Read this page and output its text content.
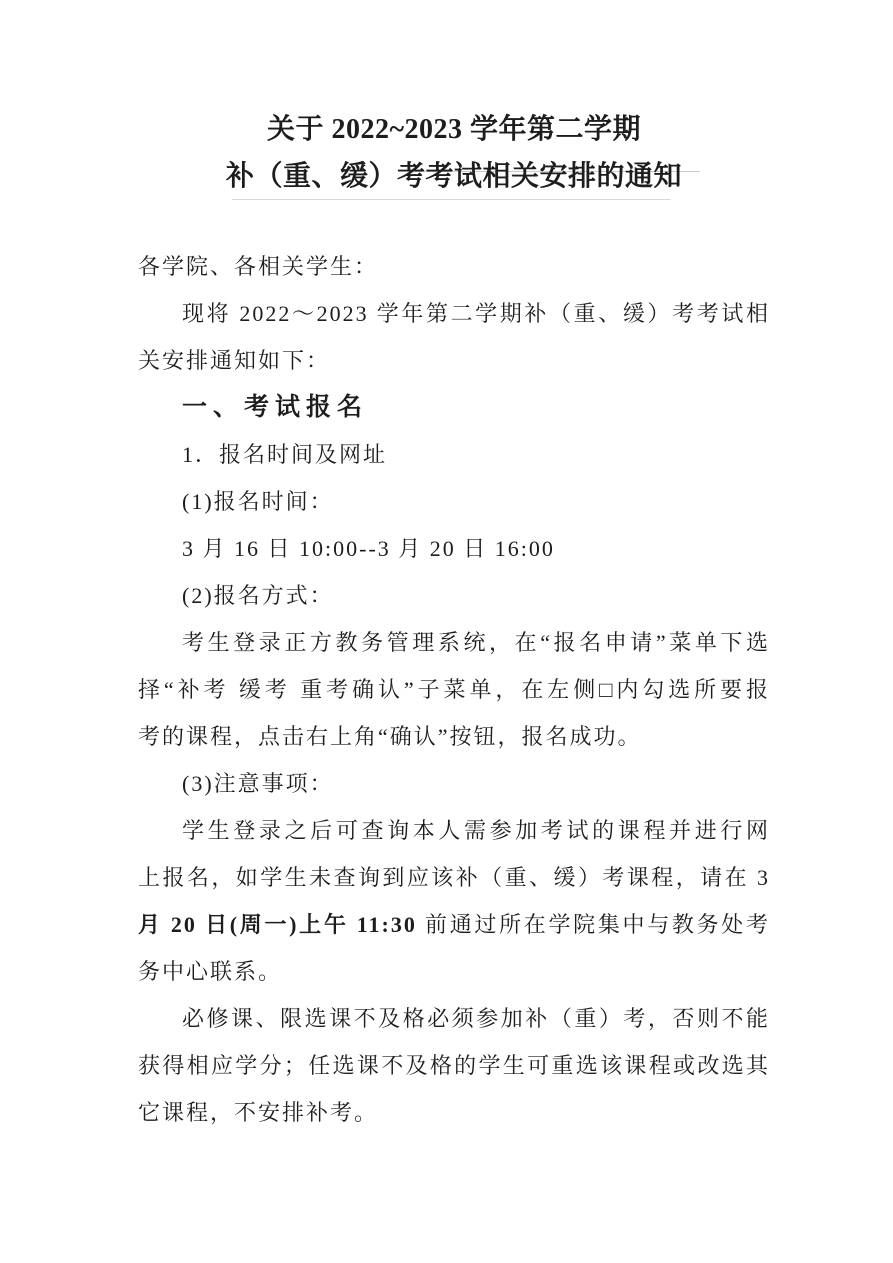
关于 2022~2023 学年第二学期
补（重、缓）考考试相关安排的通知
各学院、各相关学生：
现将 2022～2023 学年第二学期补（重、缓）考考试相
关安排通知如下：
一、考试报名
1．报名时间及网址
(1)报名时间：
3 月 16 日 10:00--3 月 20 日 16:00
(2)报名方式：
考生登录正方教务管理系统，在“报名申请”菜单下选
择“补考 缓考 重考确认”子菜单，在左侧□内勾选所要报
考的课程，点击右上角“确认”按钮，报名成功。
(3)注意事项：
学生登录之后可查询本人需参加考试的课程并进行网
上报名，如学生未查询到应该补（重、缓）考课程，请在 3
月 20 日(周一)上午 11:30 前通过所在学院集中与教务处考
务中心联系。
必修课、限选课不及格必须参加补（重）考，否则不能
获得相应学分；任选课不及格的学生可重选该课程或改选其
它课程，不安排补考。
